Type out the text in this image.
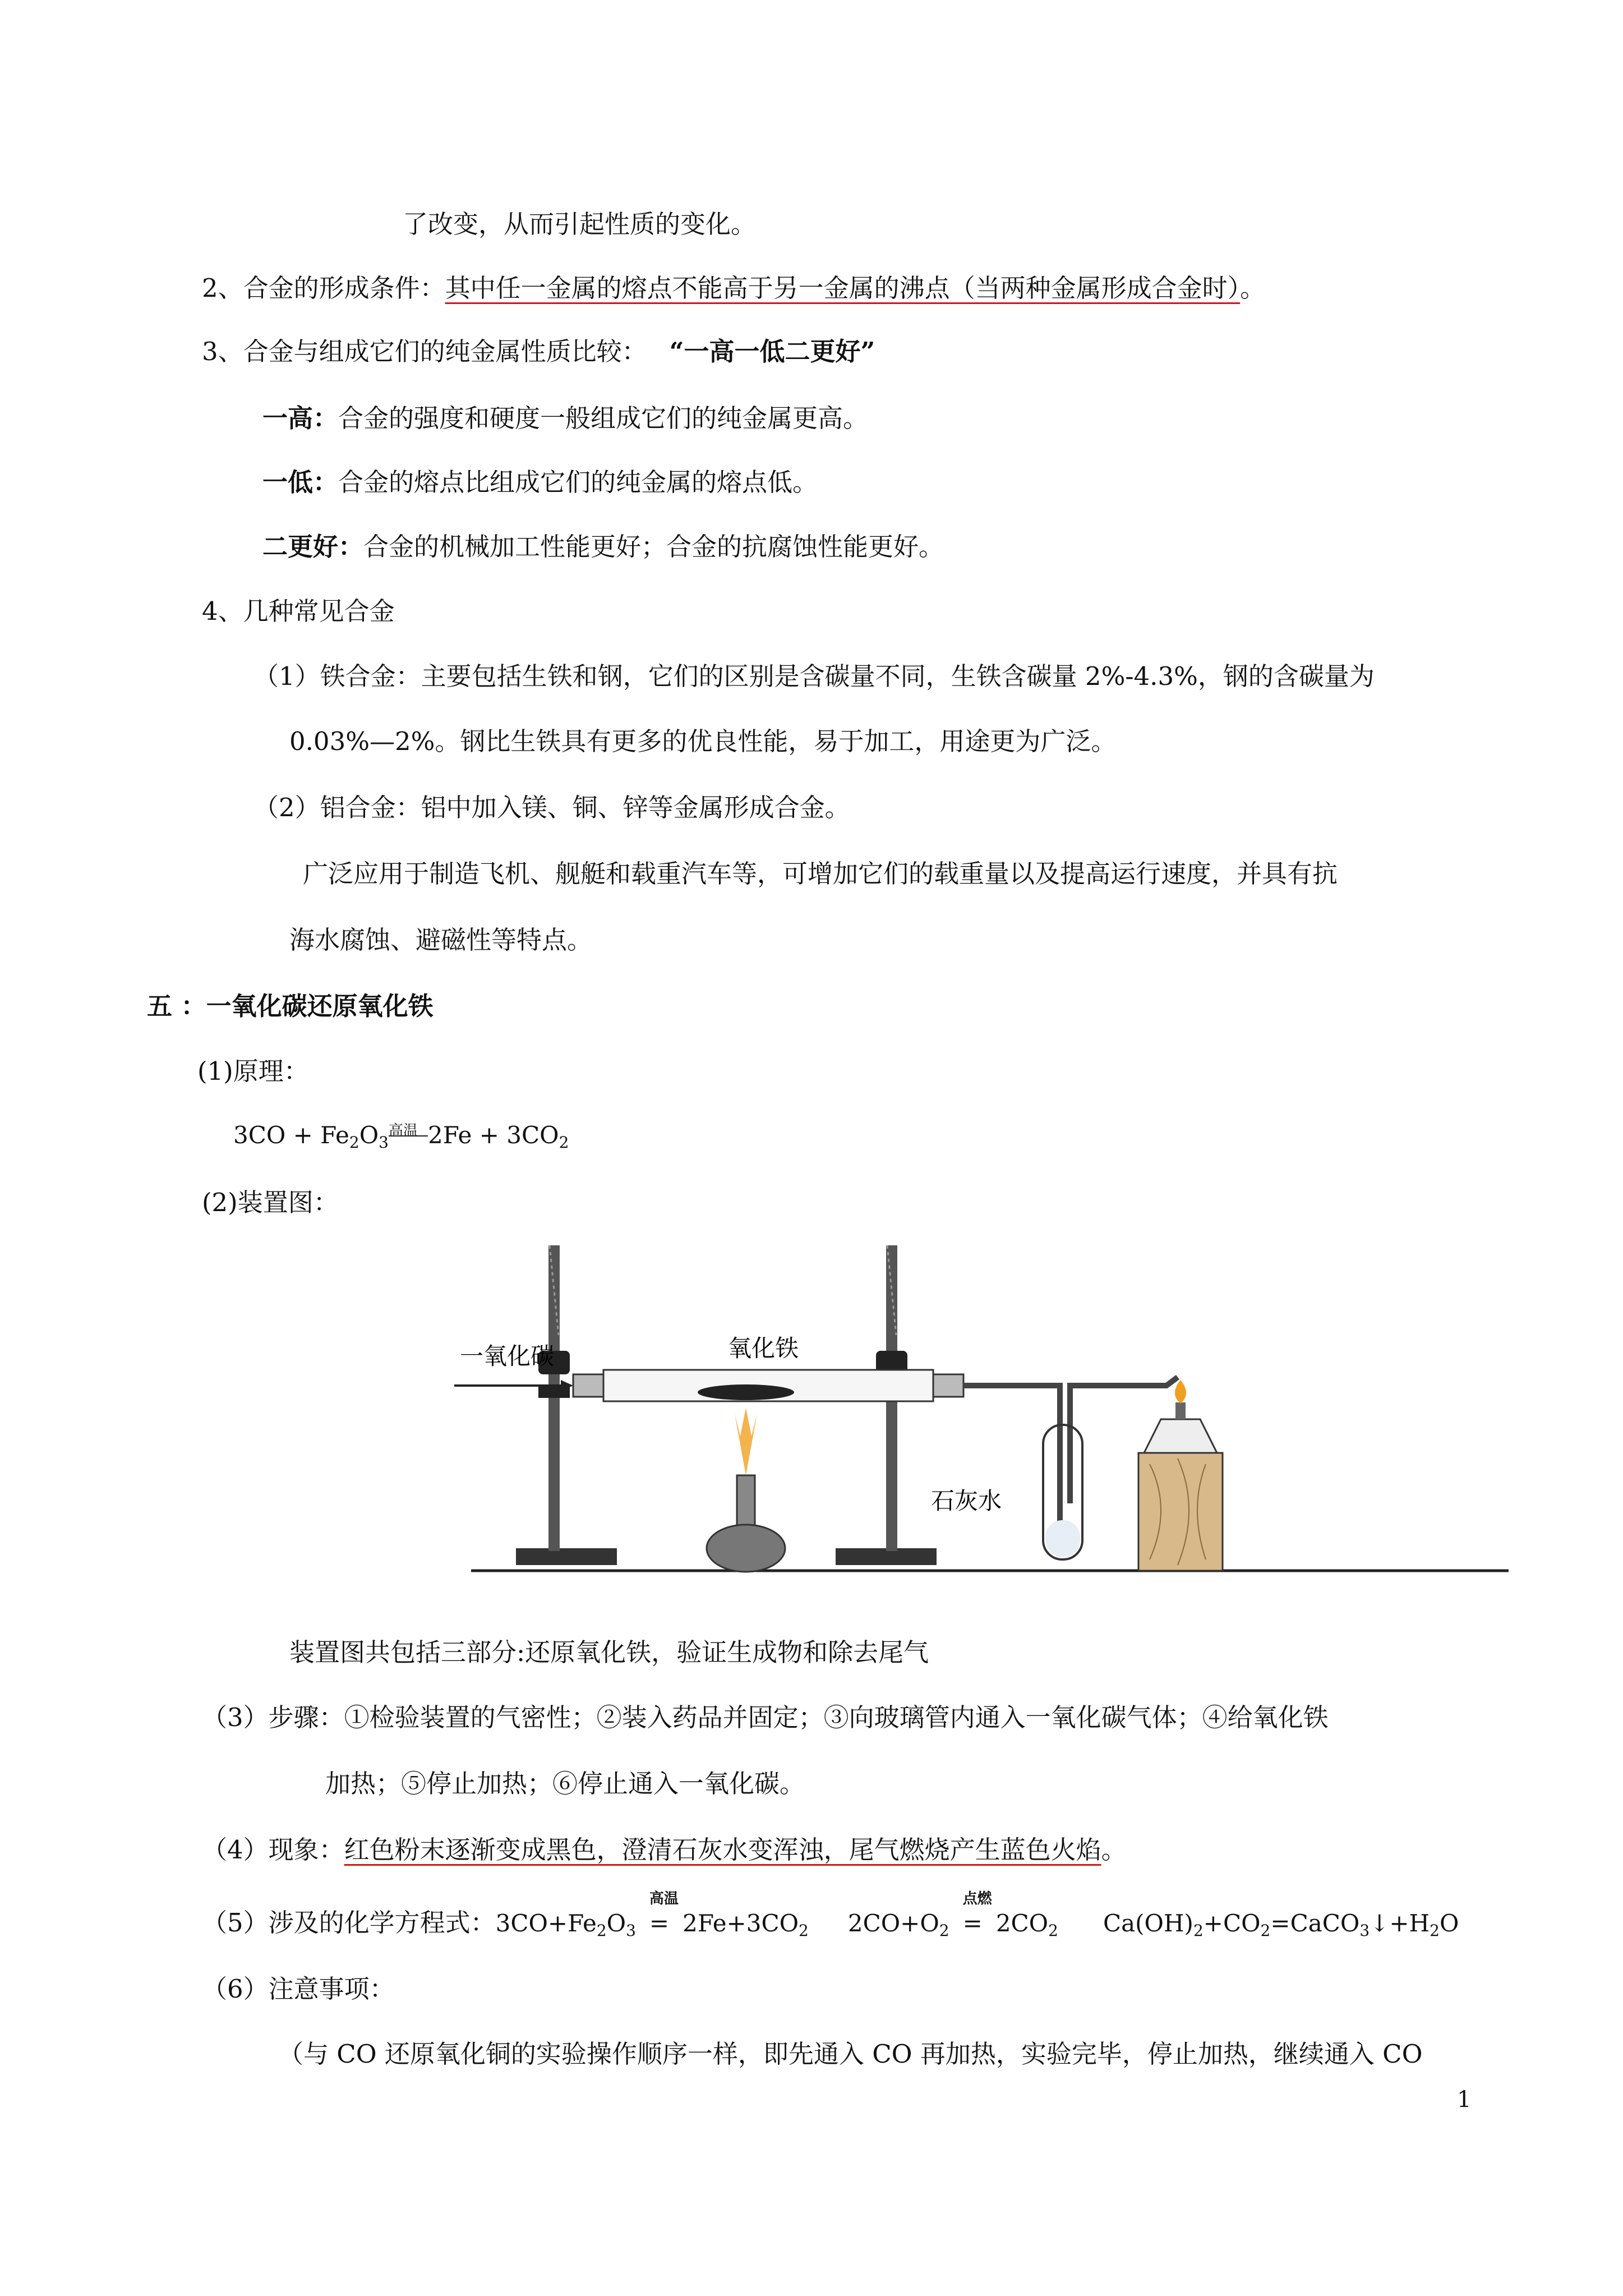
了改变，从而引起性质的变化。
2、合金的形成条件：其中任一金属的熔点不能高于另一金属的沸点（当两种金属形成合金时）。
3、合金与组成它们的纯金属性质比较： “一高一低二更好”
一高：合金的强度和硬度一般组成它们的纯金属更高。
一低：合金的熔点比组成它们的纯金属的熔点低。
二更好：合金的机械加工性能更好；合金的抗腐蚀性能更好。
4、几种常见合金
（1）铁合金：主要包括生铁和钢，它们的区别是含碳量不同，生铁含碳量 2%-4.3%，钢的含碳量为
0.03%—2%。钢比生铁具有更多的优良性能，易于加工，用途更为广泛。
（2）铝合金：铝中加入镁、铜、锌等金属形成合金。
广泛应用于制造飞机、舰艇和载重汽车等，可增加它们的载重量以及提高运行速度，并具有抗
海水腐蚀、避磁性等特点。
五 ：一氧化碳还原氧化铁
(1)原理：
$3CO + Fe_2O_3$
高温 $2Fe + 3CO_2$
(2)装置图：
一氧化碳	氧化铁
石灰水
装置图共包括三部分:还原氧化铁，验证生成物和除去尾气
（3）步骤：①检验装置的气密性；②装入药品并固定；③向玻璃管内通入一氧化碳气体；④给氧化铁
加热；⑤停止加热；⑥停止通入一氧化碳。
（4）现象：红色粉末逐渐变成黑色，澄清石灰水变浑浊，尾气燃烧产生蓝色火焰。
（5）涉及的化学方程式：$3CO+Fe_2O_3$
高温
= $2Fe+3CO_2$ $2CO+O_2$
点燃
= $2CO_2$ $Ca(OH)_2+CO_2=CaCO_3↓+H_2O$
（6）注意事项：
（与 CO 还原氧化铜的实验操作顺序一样，即先通入 CO 再加热，实验完毕，停止加热，继续通入 CO
1
